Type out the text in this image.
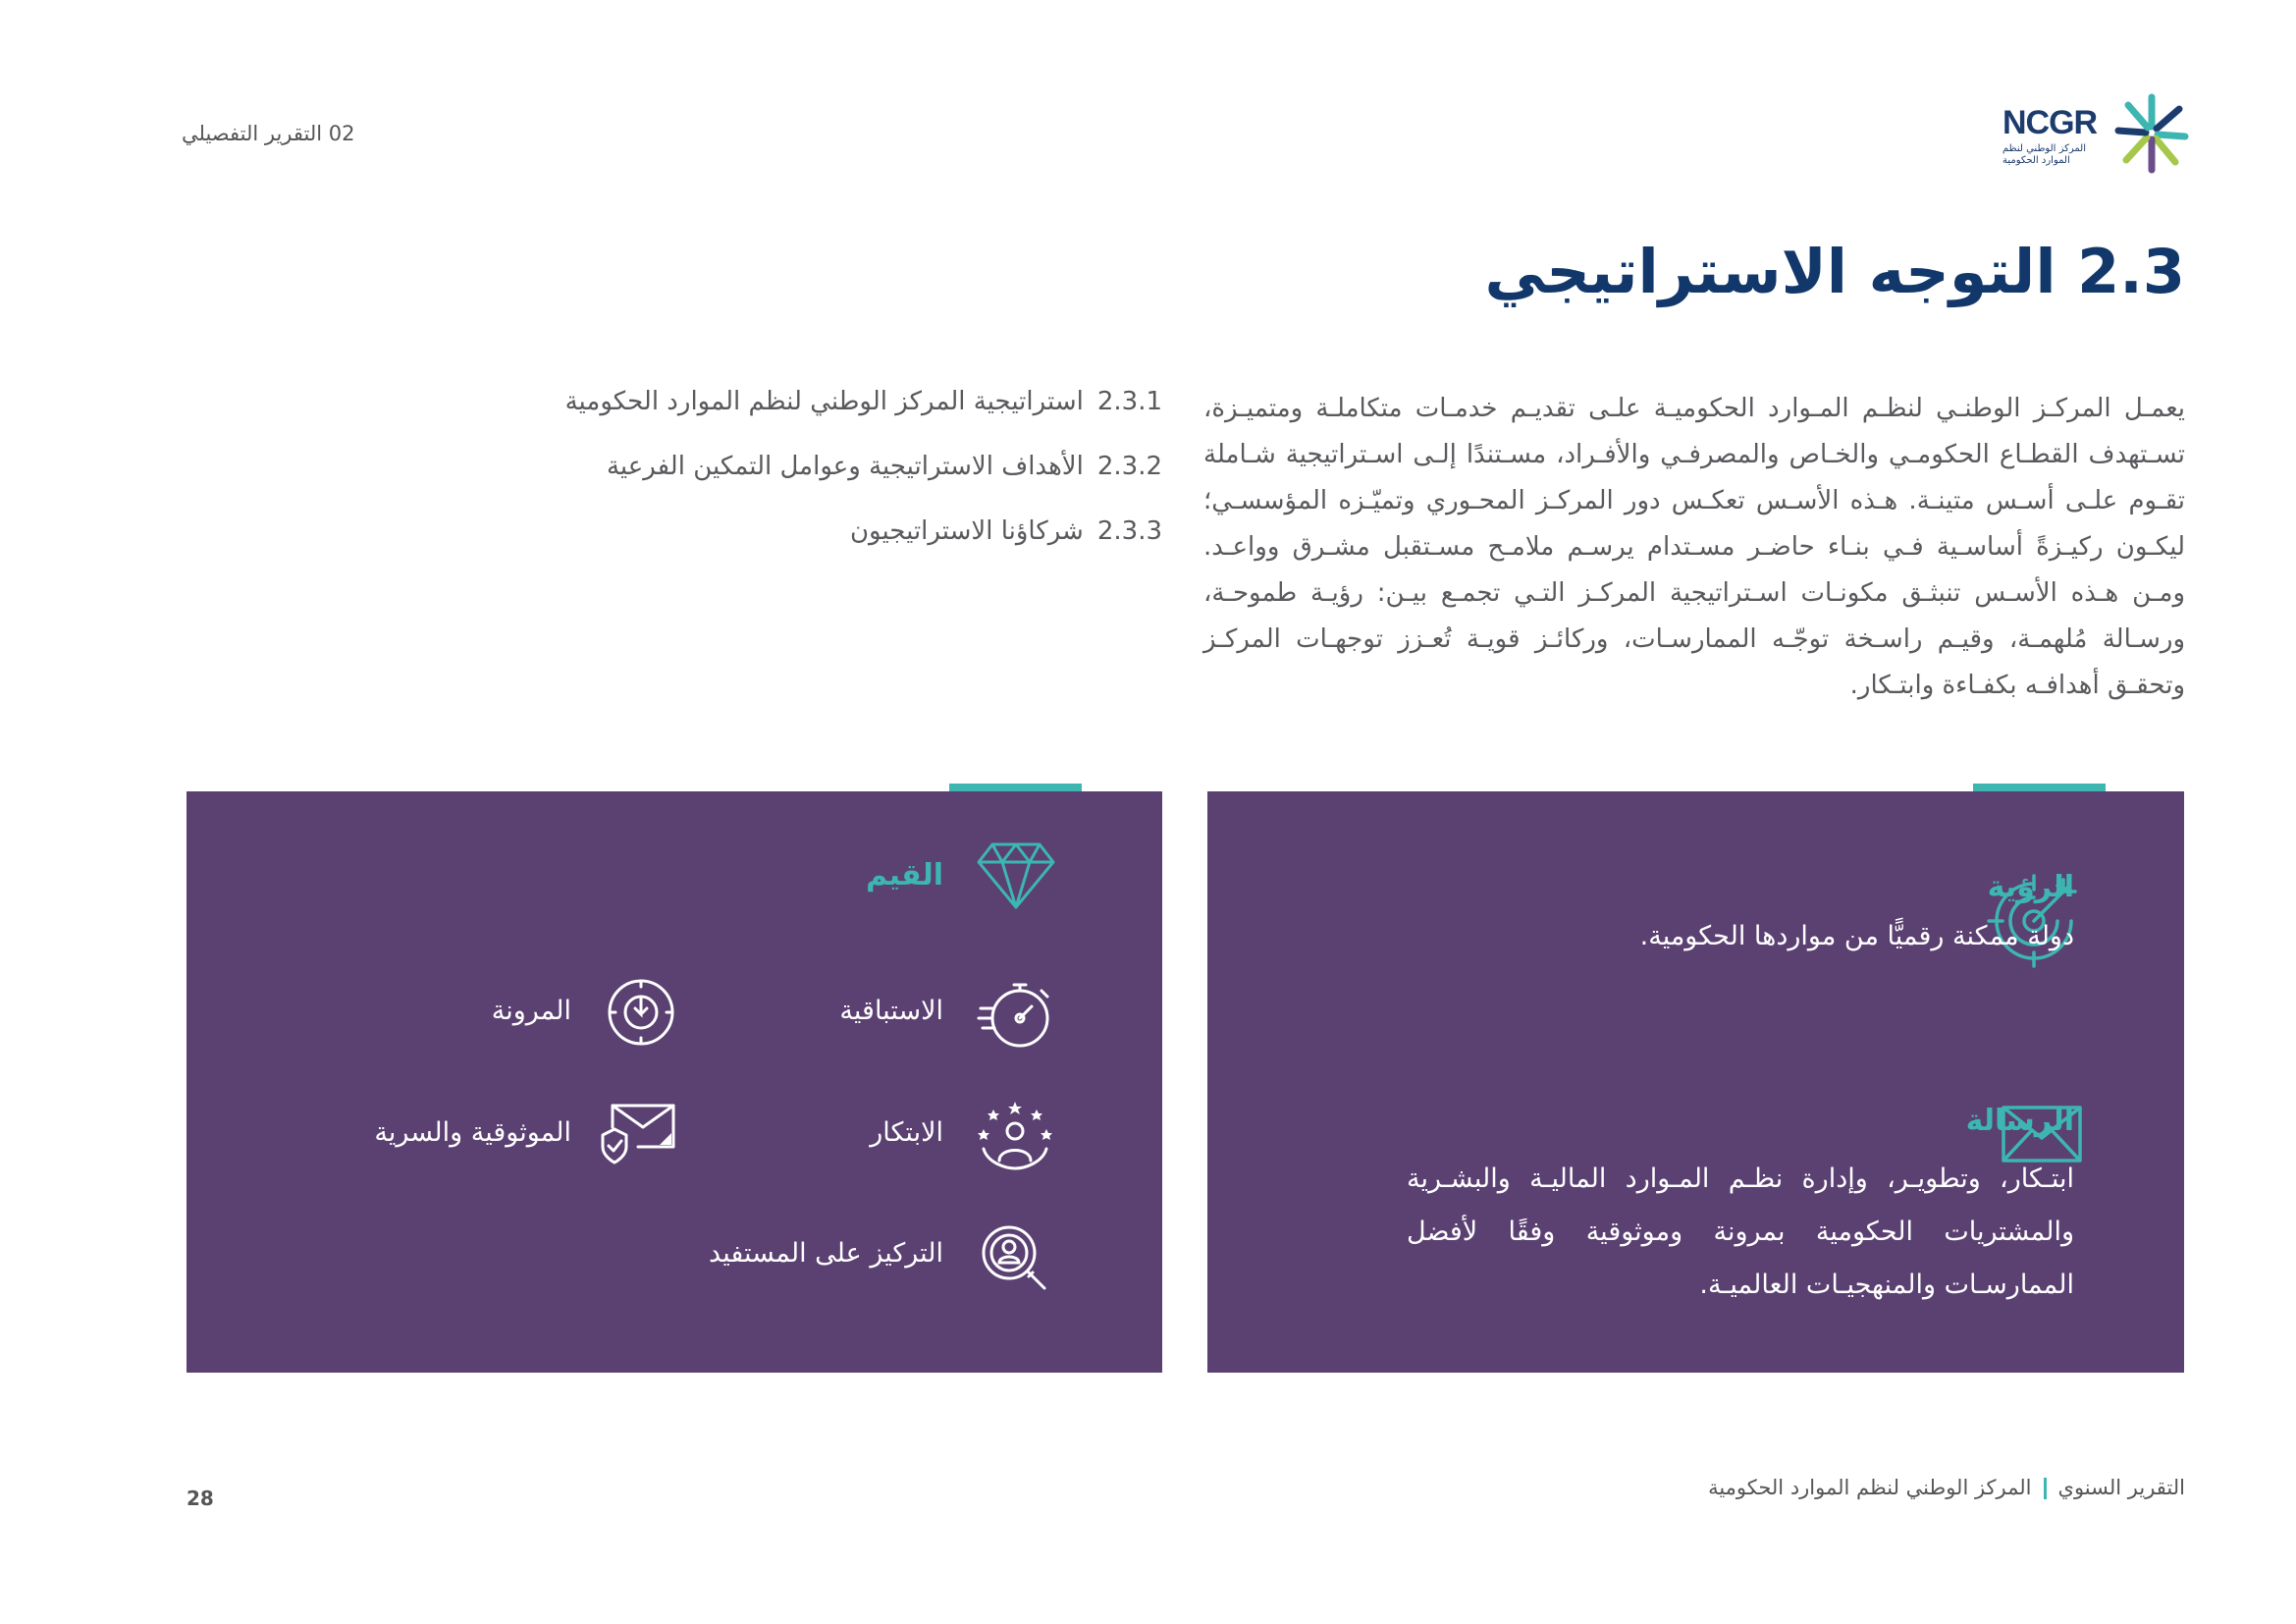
02 التقرير التفصيلي	NCGR
المركز الوطني لنظم الموارد الحكومية
2.3 التوجه الاستراتيجي
يعمـل المركـز الوطنـي لنظـم المـوارد الحكوميـة علـى تقديـم خدمـات متكاملـة ومتميـزة، تسـتهدف القطـاع الحكومـي والخـاص والمصرفـي والأفـراد، مسـتندًا إلـى اسـتراتيجية شـاملة تقـوم علـى أسـس متينـة. هـذه الأسـس تعكـس دور المركـز المحـوري وتميّـزه المؤسسـي؛ ليكـون ركيـزةً أساسـية فـي بنـاء حاضـر مسـتدام يرسـم ملامـح مسـتقبل مشـرق وواعـد. ومـن هـذه الأسـس تنبثـق مكونـات اسـتراتيجية المركـز التـي تجمـع بيـن: رؤيـة طموحـة، ورسـالة مُلهمـة، وقيـم راسـخة توجّـه الممارسـات، وركائـز قويـة تُعـزز توجهـات المركـز وتحقـق أهدافـه بكفـاءة وابتـكار.
2.3.1استراتيجية المركز الوطني لنظم الموارد الحكومية
2.3.2الأهداف الاستراتيجية وعوامل التمكين الفرعية
2.3.3شركاؤنا الاستراتيجيون
الرؤية
دولة ممكنة رقميًّا من مواردها الحكومية.
الرسالة
ابتـكار، وتطويـر، وإدارة نظـم المـوارد الماليـة والبشـرية والمشتريات الحكومية بمرونة وموثوقية وفقًا لأفضل الممارسـات والمنهجيـات العالميـة.
القيم
الاستباقية
المرونة
الابتكار
الموثوقية والسرية
التركيز على المستفيد
التقرير السنويالمركز الوطني لنظم الموارد الحكومية
28
